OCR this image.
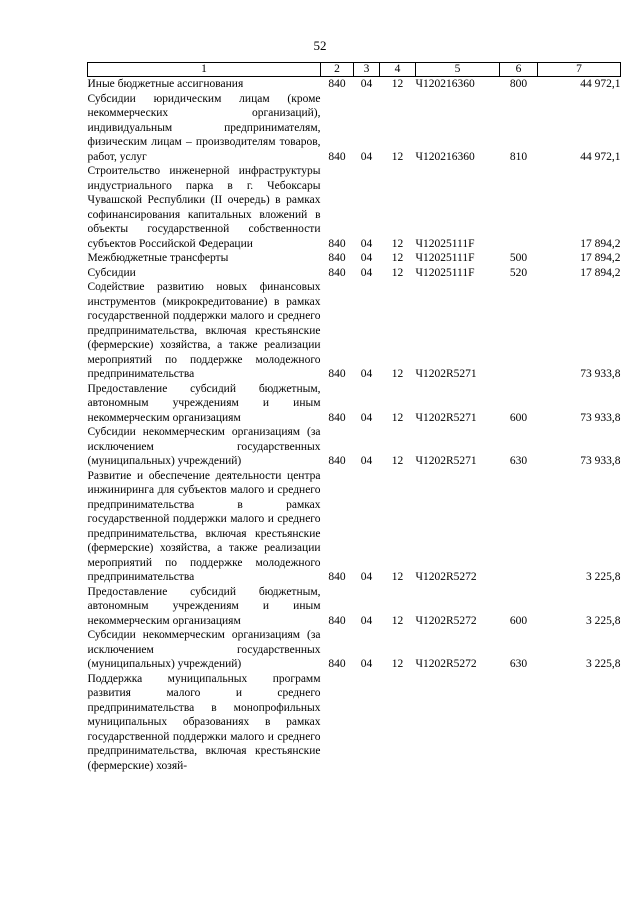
52
1	2	3	4	5	6	7
Иные бюджетные ассигнования	840	04	12	Ч120216360	800	44 972,1
Субсидии юридическим лицам (кроме некоммерческих организаций), индивидуальным предпринимателям, физическим лицам – производителям товаров, работ, услуг	840	04	12	Ч120216360	810	44 972,1
Строительство инженерной инфраструктуры индустриального парка в г. Чебоксары Чувашской Республики (II очередь) в рамках софинансирования капитальных вложений в объекты государственной собственности субъектов Российской Федерации	840	04	12	Ч12025111F		17 894,2
Межбюджетные трансферты	840	04	12	Ч12025111F	500	17 894,2
Субсидии	840	04	12	Ч12025111F	520	17 894,2
Содействие развитию новых финансовых инструментов (микрокредитование) в рамках государственной поддержки малого и среднего предпринимательства, включая крестьянские (фермерские) хозяйства, а также реализации мероприятий по поддержке молодежного предпринимательства	840	04	12	Ч1202R5271		73 933,8
Предоставление субсидий бюджетным, автономным учреждениям и иным некоммерческим организациям	840	04	12	Ч1202R5271	600	73 933,8
Субсидии некоммерческим организациям (за исключением государственных (муниципальных) учреждений)	840	04	12	Ч1202R5271	630	73 933,8
Развитие и обеспечение деятельности центра инжиниринга для субъектов малого и среднего предпринимательства в рамках государственной поддержки малого и среднего предпринимательства, включая крестьянские (фермерские) хозяйства, а также реализации мероприятий по поддержке молодежного предпринимательства	840	04	12	Ч1202R5272		3 225,8
Предоставление субсидий бюджетным, автономным учреждениям и иным некоммерческим организациям	840	04	12	Ч1202R5272	600	3 225,8
Субсидии некоммерческим организациям (за исключением государственных (муниципальных) учреждений)	840	04	12	Ч1202R5272	630	3 225,8
Поддержка муниципальных программ развития малого и среднего предпринимательства в монопрофильных муниципальных образованиях в рамках государственной поддержки малого и среднего предпринимательства, включая крестьянские (фермерские) хозяй-						
